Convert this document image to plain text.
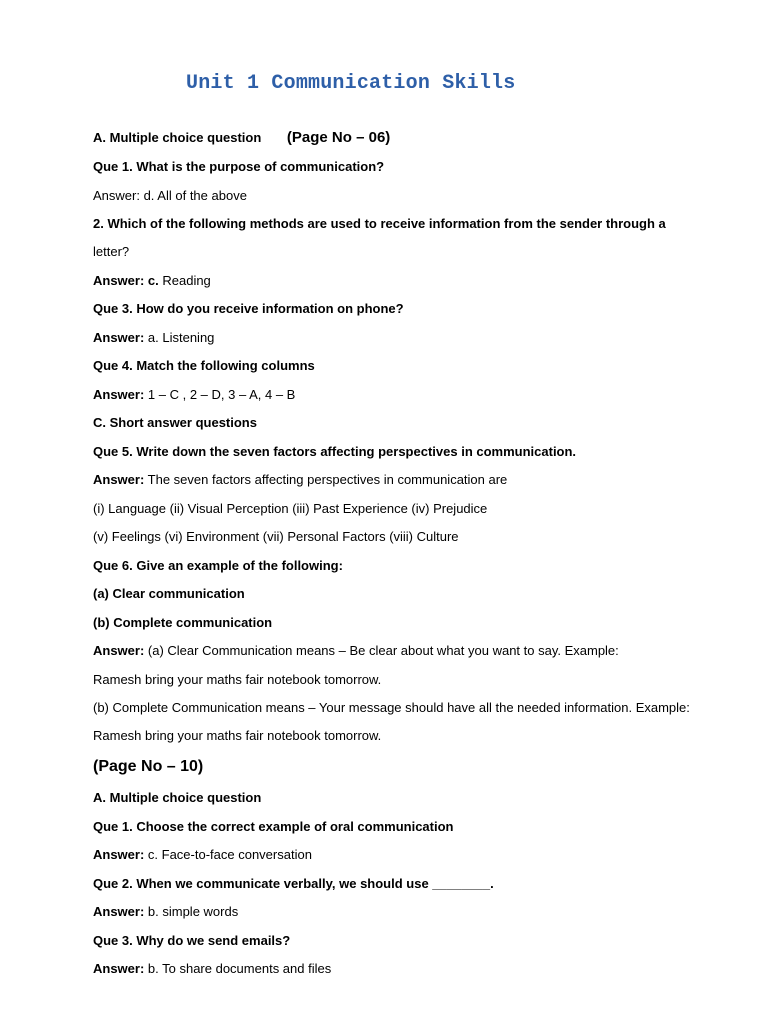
Unit 1 Communication Skills
A. Multiple choice question (Page No – 06)
Que 1. What is the purpose of communication?
Answer: d. All of the above
2. Which of the following methods are used to receive information from the sender through a
letter?
Answer: c. Reading
Que 3. How do you receive information on phone?
Answer: a. Listening
Que 4. Match the following columns
Answer: 1 – C , 2 – D, 3 – A, 4 – B
C. Short answer questions
Que 5. Write down the seven factors affecting perspectives in communication.
Answer: The seven factors affecting perspectives in communication are
(i) Language (ii) Visual Perception (iii) Past Experience (iv) Prejudice
(v) Feelings (vi) Environment (vii) Personal Factors (viii) Culture
Que 6. Give an example of the following:
(a) Clear communication
(b) Complete communication
Answer: (a) Clear Communication means – Be clear about what you want to say. Example:
Ramesh bring your maths fair notebook tomorrow.
(b) Complete Communication means – Your message should have all the needed information. Example:
Ramesh bring your maths fair notebook tomorrow.
(Page No – 10)
A. Multiple choice question
Que 1. Choose the correct example of oral communication
Answer: c. Face-to-face conversation
Que 2. When we communicate verbally, we should use ________.
Answer: b. simple words
Que 3. Why do we send emails?
Answer: b. To share documents and files
